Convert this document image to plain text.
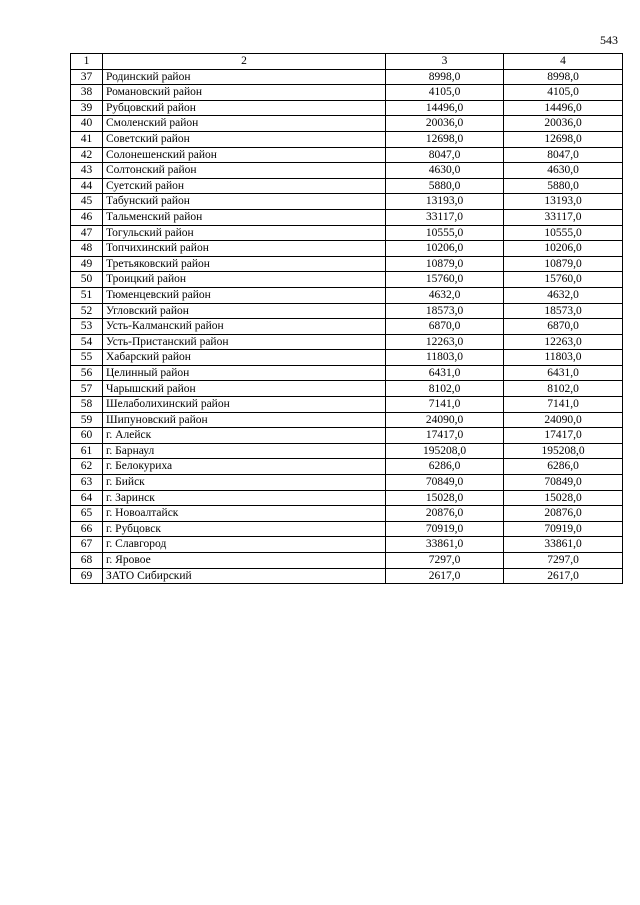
543
1	2	3	4
37	Родинский район	8998,0	8998,0
38	Романовский район	4105,0	4105,0
39	Рубцовский район	14496,0	14496,0
40	Смоленский район	20036,0	20036,0
41	Советский район	12698,0	12698,0
42	Солонешенский район	8047,0	8047,0
43	Солтонский район	4630,0	4630,0
44	Суетский район	5880,0	5880,0
45	Табунский район	13193,0	13193,0
46	Тальменский район	33117,0	33117,0
47	Тогульский район	10555,0	10555,0
48	Топчихинский район	10206,0	10206,0
49	Третьяковский район	10879,0	10879,0
50	Троицкий район	15760,0	15760,0
51	Тюменцевский район	4632,0	4632,0
52	Угловский район	18573,0	18573,0
53	Усть-Калманский район	6870,0	6870,0
54	Усть-Пристанский район	12263,0	12263,0
55	Хабарский район	11803,0	11803,0
56	Целинный район	6431,0	6431,0
57	Чарышский район	8102,0	8102,0
58	Шелаболихинский район	7141,0	7141,0
59	Шипуновский район	24090,0	24090,0
60	г. Алейск	17417,0	17417,0
61	г. Барнаул	195208,0	195208,0
62	г. Белокуриха	6286,0	6286,0
63	г. Бийск	70849,0	70849,0
64	г. Заринск	15028,0	15028,0
65	г. Новоалтайск	20876,0	20876,0
66	г. Рубцовск	70919,0	70919,0
67	г. Славгород	33861,0	33861,0
68	г. Яровое	7297,0	7297,0
69	ЗАТО Сибирский	2617,0	2617,0
